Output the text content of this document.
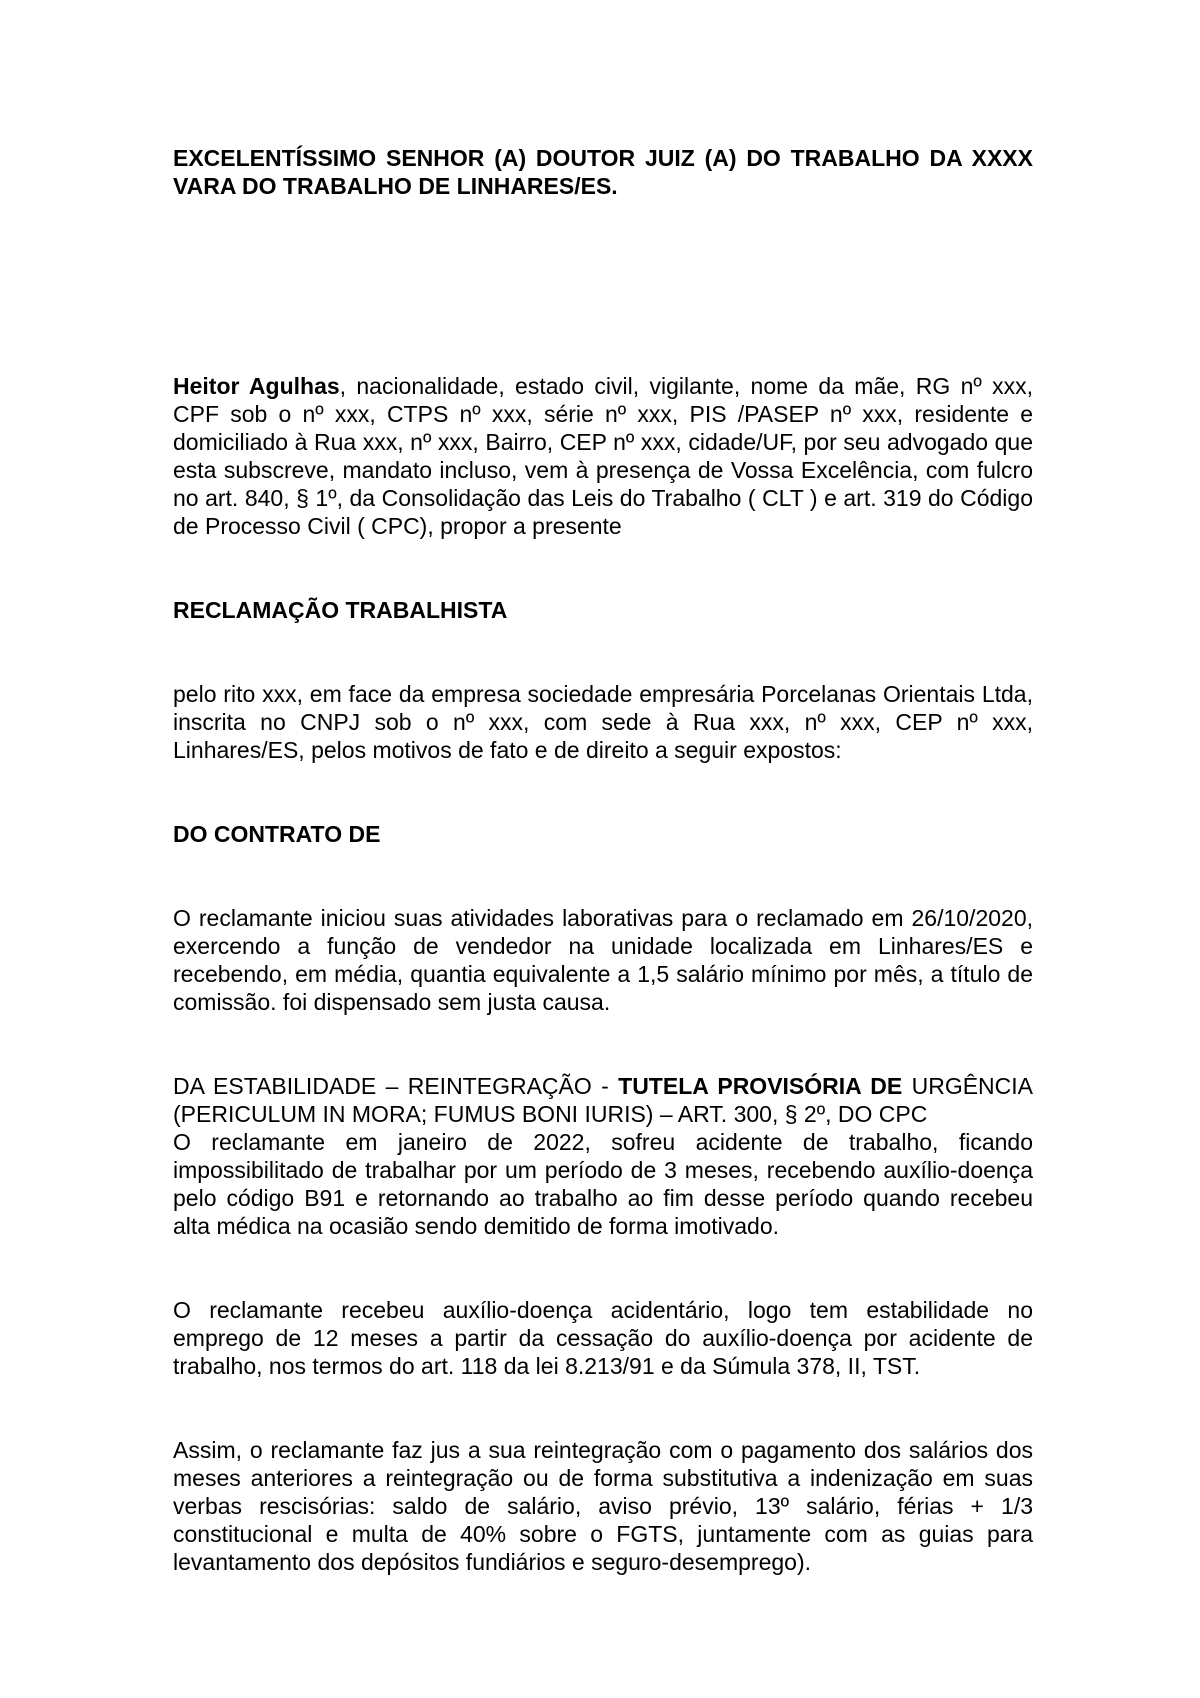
EXCELENTÍSSIMO SENHOR (A) DOUTOR JUIZ (A) DO TRABALHO DA XXXX VARA DO TRABALHO DE LINHARES/ES.

Heitor Agulhas, nacionalidade, estado civil, vigilante, nome da mãe, RG nº xxx, CPF sob o nº xxx, CTPS nº xxx, série nº xxx, PIS /PASEP nº xxx, residente e domiciliado à Rua xxx, nº xxx, Bairro, CEP nº xxx, cidade/UF, por seu advogado que esta subscreve, mandato incluso, vem à presença de Vossa Excelência, com fulcro no art. 840, § 1º, da Consolidação das Leis do Trabalho ( CLT ) e art. 319 do Código de Processo Civil ( CPC), propor a presente

RECLAMAÇÃO TRABALHISTA

pelo rito xxx, em face da empresa sociedade empresária Porcelanas Orientais Ltda, inscrita no CNPJ sob o nº xxx, com sede à Rua xxx, nº xxx, CEP nº xxx, Linhares/ES, pelos motivos de fato e de direito a seguir expostos:

DO CONTRATO DE

O reclamante iniciou suas atividades laborativas para o reclamado em 26/10/2020, exercendo a função de vendedor na unidade localizada em Linhares/ES e recebendo, em média, quantia equivalente a 1,5 salário mínimo por mês, a título de comissão. foi dispensado sem justa causa.

DA ESTABILIDADE – REINTEGRAÇÃO - TUTELA PROVISÓRIA DE URGÊNCIA (PERICULUM IN MORA; FUMUS BONI IURIS) – ART. 300, § 2º, DO CPC

O reclamante em janeiro de 2022, sofreu acidente de trabalho, ficando impossibilitado de trabalhar por um período de 3 meses, recebendo auxílio-doença pelo código B91 e retornando ao trabalho ao fim desse período quando recebeu alta médica na ocasião sendo demitido de forma imotivado.

O reclamante recebeu auxílio-doença acidentário, logo tem estabilidade no emprego de 12 meses a partir da cessação do auxílio-doença por acidente de trabalho, nos termos do art. 118 da lei 8.213/91 e da Súmula 378, II, TST.

Assim, o reclamante faz jus a sua reintegração com o pagamento dos salários dos meses anteriores a reintegração ou de forma substitutiva a indenização em suas verbas rescisórias: saldo de salário, aviso prévio, 13º salário, férias + 1/3 constitucional e multa de 40% sobre o FGTS, juntamente com as guias para levantamento dos depósitos fundiários e seguro-desemprego).
